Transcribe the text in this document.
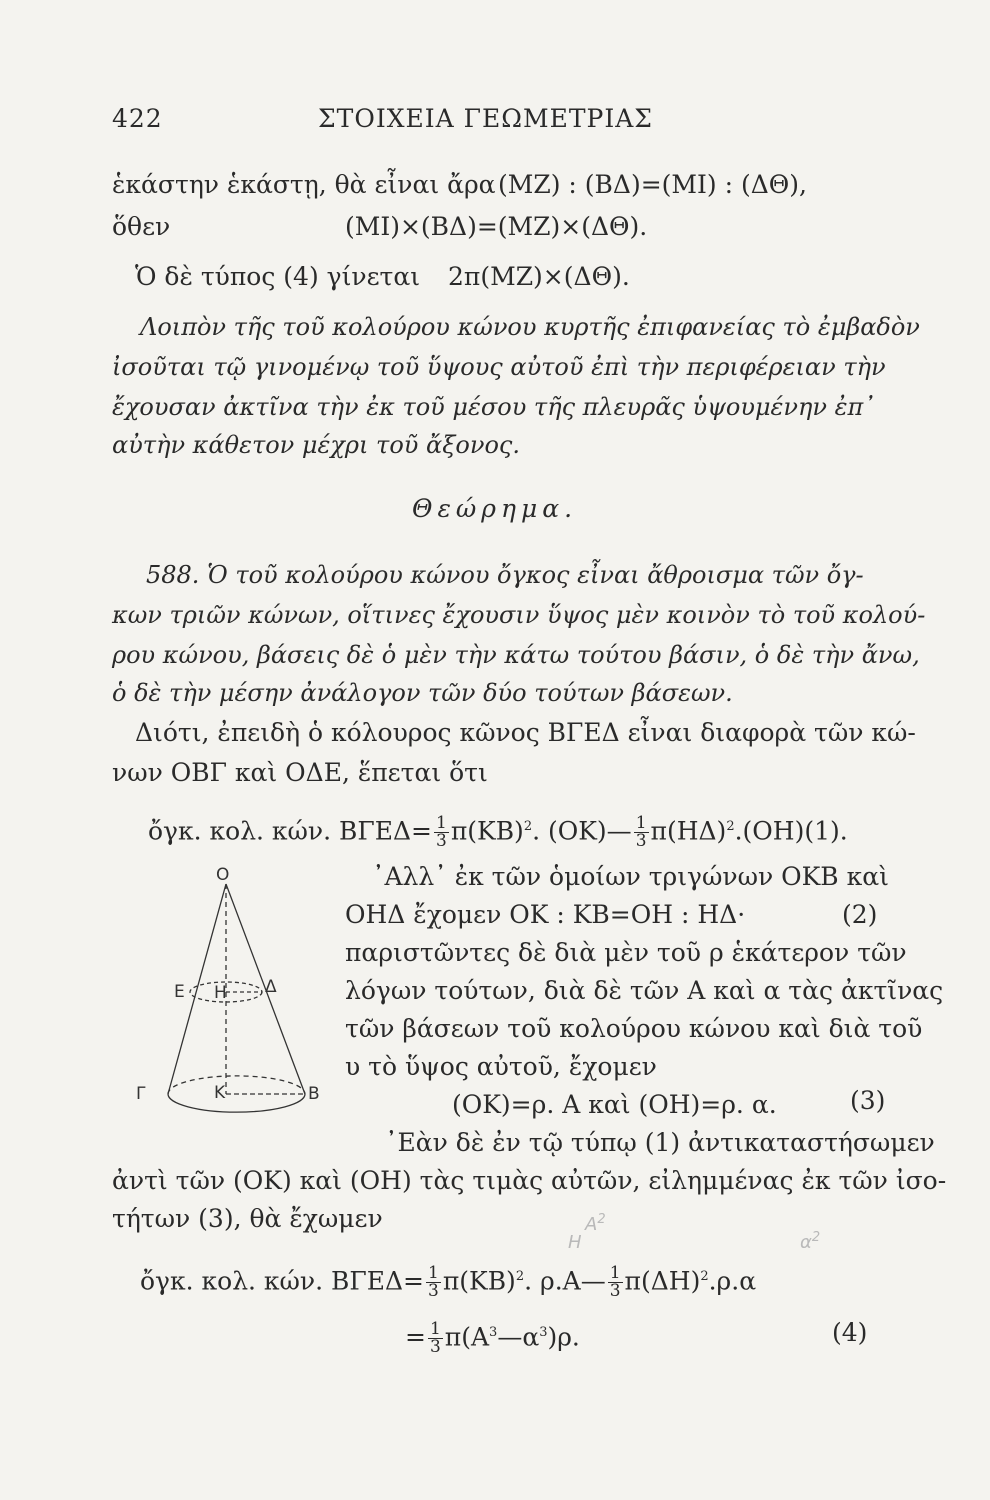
422	ΣΤΟΙΧΕΙΑ ΓΕΩΜΕΤΡΙΑΣ
ἑκάστην ἑκάστῃ, θὰ εἶναι ἄρα (ΜΖ) : (ΒΔ)=(ΜΙ) : (ΔΘ),
ὅθεν	(ΜΙ)×(ΒΔ)=(ΜΖ)×(ΔΘ).
Ὁ δὲ τύπος (4) γίνεται 2π(ΜΖ)×(ΔΘ).
Λοιπὸν τῆς τοῦ κολούρου κώνου κυρτῆς ἐπιφανείας τὸ ἐμβαδὸν
ἰσοῦται τῷ γινομένῳ τοῦ ὕψους αὐτοῦ ἐπὶ τὴν περιφέρειαν τὴν
ἔχουσαν ἀκτῖνα τὴν ἐκ τοῦ μέσου τῆς πλευρᾶς ὑψουμένην ἐπ᾽
αὐτὴν κάθετον μέχρι τοῦ ἄξονος.
Θεώρημα.
588. Ὁ τοῦ κολούρου κώνου ὄγκος εἶναι ἄθροισμα τῶν ὄγ-
κων τριῶν κώνων, οἵτινες ἔχουσιν ὕψος μὲν κοινὸν τὸ τοῦ κολού-
ρου κώνου, βάσεις δὲ ὁ μὲν τὴν κάτω τούτου βάσιν, ὁ δὲ τὴν ἄνω,
ὁ δὲ τὴν μέσην ἀνάλογον τῶν δύο τούτων βάσεων.
Διότι, ἐπειδὴ ὁ κόλουρος κῶνος ΒΓΕΔ εἶναι διαφορὰ τῶν κώ-
νων ΟΒΓ καὶ ΟΔΕ, ἕπεται ὅτι
ὄγκ. κολ. κών. $B\Gamma E\Delta= \frac{1}{3} \pi(KB)^2$. (ΟΚ)— $\frac{1}{3} \pi(H\Delta)^2.(OH)(1)$.
O
E H Δ
Γ	K	B
᾿Αλλ᾽ ἐκ τῶν ὁμοίων τριγώνων ΟΚΒ καὶ
ΟΗΔ ἔχομεν ΟΚ : ΚΒ=ΟΗ : ΗΔ·	(2)
παριστῶντες δὲ διὰ μὲν τοῦ ρ ἑκάτερον τῶν
λόγων τούτων, διὰ δὲ τῶν Α καὶ α τὰς ἀκτῖνας
τῶν βάσεων τοῦ κολούρου κώνου καὶ διὰ τοῦ
υ τὸ ὕψος αὐτοῦ, ἔχομεν
(ΟΚ)=ρ. Α καὶ (ΟΗ)=ρ. α.	(3)
᾿Εὰν δὲ ἐν τῷ τύπῳ (1) ἀντικαταστήσωμεν
ἀντὶ τῶν (ΟΚ) καὶ (ΟΗ) τὰς τιμὰς αὐτῶν, εἰλημμένας ἐκ τῶν ἰσο-
τήτων (3), θὰ ἔχωμεν
H
$A^2$
$\alpha^2$
ὄγκ. κολ. κών. $B\Gamma E\Delta= \frac{1}{3} \pi(KB)^2$. ρ.Α— $\frac{1}{3} \pi(\Delta H)^2.\rho.\alpha$
= $\frac{1}{3}$ $\pi(A^3—\alpha^3)\rho$.	(4)
